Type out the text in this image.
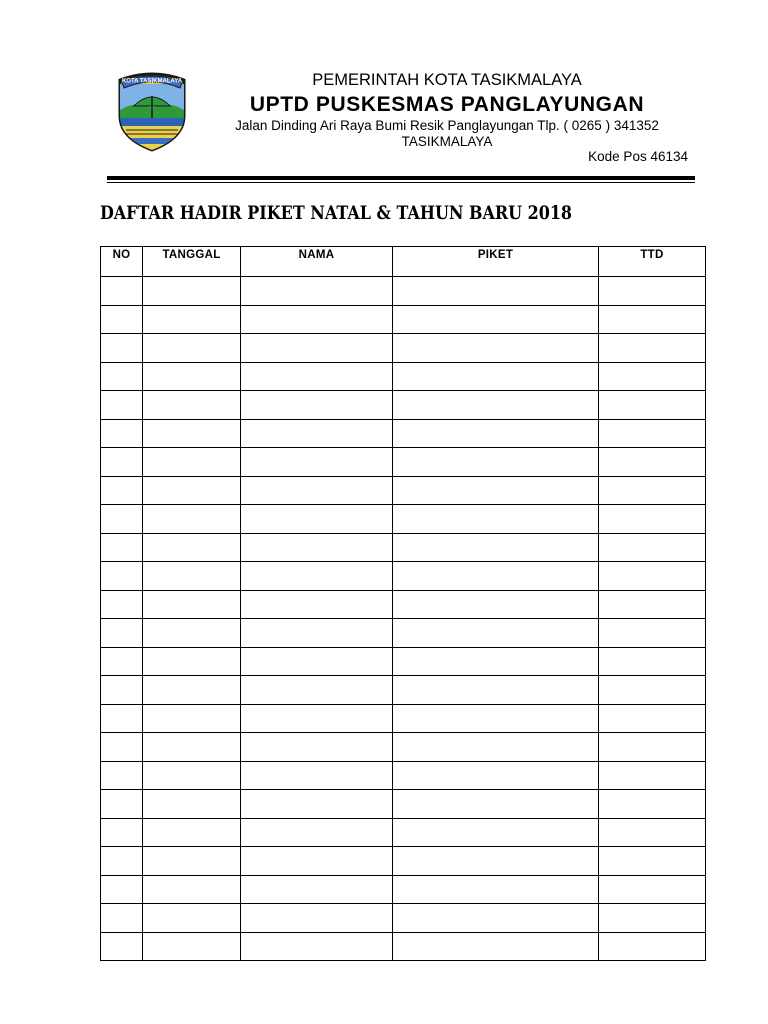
KOTA TASIKMALAYA	PEMERINTAH KOTA TASIKMALAYA

UPTD PUSKESMAS PANGLAYUNGAN

Jalan Dinding Ari Raya Bumi Resik Panglayungan Tlp. ( 0265 ) 341352

TASIKMALAYA

Kode Pos 46134

DAFTAR HADIR PIKET NATAL & TAHUN BARU 2018
NO	TANGGAL	NAMA	PIKET	TTD
